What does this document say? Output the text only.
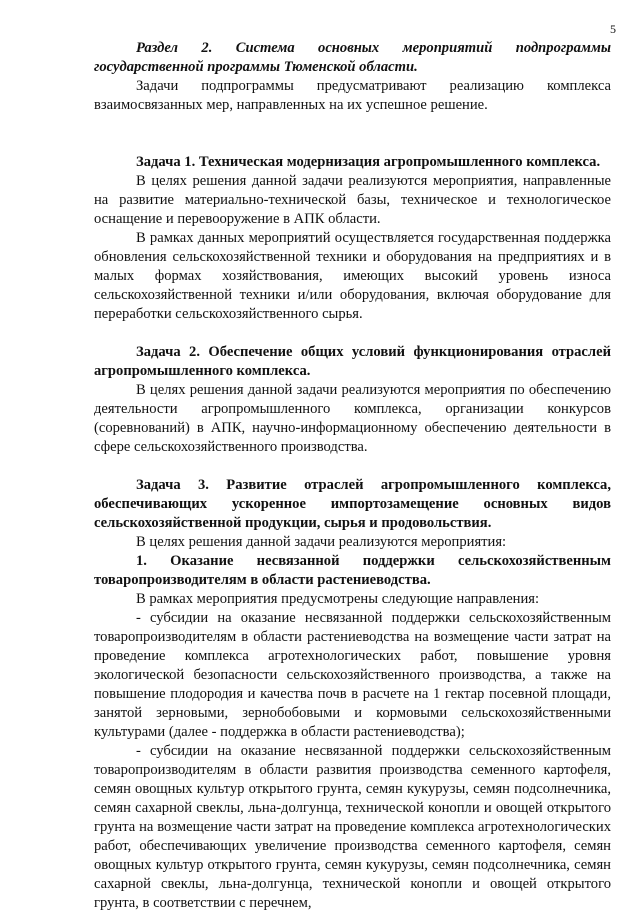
5

Раздел 2. Система основных мероприятий подпрограммы государственной программы Тюменской области.

Задачи подпрограммы предусматривают реализацию комплекса взаимосвязанных мер, направленных на их успешное решение.

Задача 1. Техническая модернизация агропромышленного комплекса.

В целях решения данной задачи реализуются мероприятия, направленные на развитие материально-технической базы, техническое и технологическое оснащение и перевооружение в АПК области.

В рамках данных мероприятий осуществляется государственная поддержка обновления сельскохозяйственной техники и оборудования на предприятиях и в малых формах хозяйствования, имеющих высокий уровень износа сельскохозяйственной техники и/или оборудования, включая оборудование для переработки сельскохозяйственного сырья.

Задача 2. Обеспечение общих условий функционирования отраслей агропромышленного комплекса.

В целях решения данной задачи реализуются мероприятия по обеспечению деятельности агропромышленного комплекса, организации конкурсов (соревнований) в АПК, научно-информационному обеспечению деятельности в сфере сельскохозяйственного производства.

Задача 3. Развитие отраслей агропромышленного комплекса, обеспечивающих ускоренное импортозамещение основных видов сельскохозяйственной продукции, сырья и продовольствия.

В целях решения данной задачи реализуются мероприятия:

1. Оказание несвязанной поддержки сельскохозяйственным товаропроизводителям в области растениеводства.

В рамках мероприятия предусмотрены следующие направления:

- субсидии на оказание несвязанной поддержки сельскохозяйственным товаропроизводителям в области растениеводства на возмещение части затрат на проведение комплекса агротехнологических работ, повышение уровня экологической безопасности сельскохозяйственного производства, а также на повышение плодородия и качества почв в расчете на 1 гектар посевной площади, занятой зерновыми, зернобобовыми и кормовыми сельскохозяйственными культурами (далее - поддержка в области растениеводства);

- субсидии на оказание несвязанной поддержки сельскохозяйственным товаропроизводителям в области развития производства семенного картофеля, семян овощных культур открытого грунта, семян кукурузы, семян подсолнечника, семян сахарной свеклы, льна-долгунца, технической конопли и овощей открытого грунта на возмещение части затрат на проведение комплекса агротехнологических работ, обеспечивающих увеличение производства семенного картофеля, семян овощных культур открытого грунта, семян кукурузы, семян подсолнечника, семян сахарной свеклы, льна-долгунца, технической конопли и овощей открытого грунта, в соответствии с перечнем,
